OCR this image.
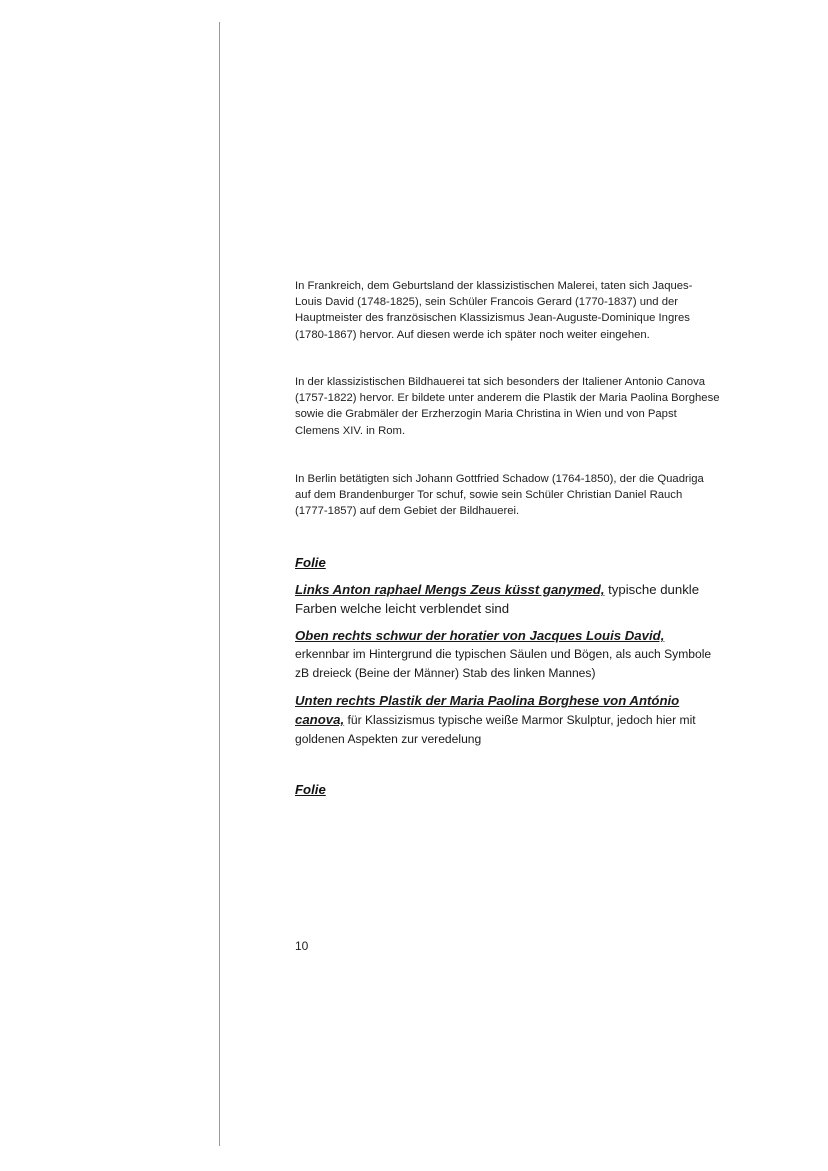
In Frankreich, dem Geburtsland der klassizistischen Malerei, taten sich Jaques-
Louis David (1748-1825), sein Schüler Francois Gerard (1770-1837) und der
Hauptmeister des französischen Klassizismus Jean-Auguste-Dominique Ingres
(1780-1867) hervor. Auf diesen werde ich später noch weiter eingehen.
In der klassizistischen Bildhauerei tat sich besonders der Italiener Antonio Canova
(1757-1822) hervor. Er bildete unter anderem die Plastik der Maria Paolina Borghese
sowie die Grabmäler der Erzherzogin Maria Christina in Wien und von Papst
Clemens XIV. in Rom.
In Berlin betätigten sich Johann Gottfried Schadow (1764-1850), der die Quadriga
auf dem Brandenburger Tor schuf, sowie sein Schüler Christian Daniel Rauch
(1777-1857) auf dem Gebiet der Bildhauerei.
Folie
Links Anton raphael Mengs Zeus küsst ganymed, typische dunkle
Farben welche leicht verblendet sind
Oben rechts schwur der horatier von Jacques Louis David,
erkennbar im Hintergrund die typischen Säulen und Bögen, als auch Symbole
zB dreieck (Beine der Männer) Stab des linken Mannes)
Unten rechts Plastik der Maria Paolina Borghese von António
canova, für Klassizismus typische weiße Marmor Skulptur, jedoch hier mit
goldenen Aspekten zur veredelung
Folie
10
